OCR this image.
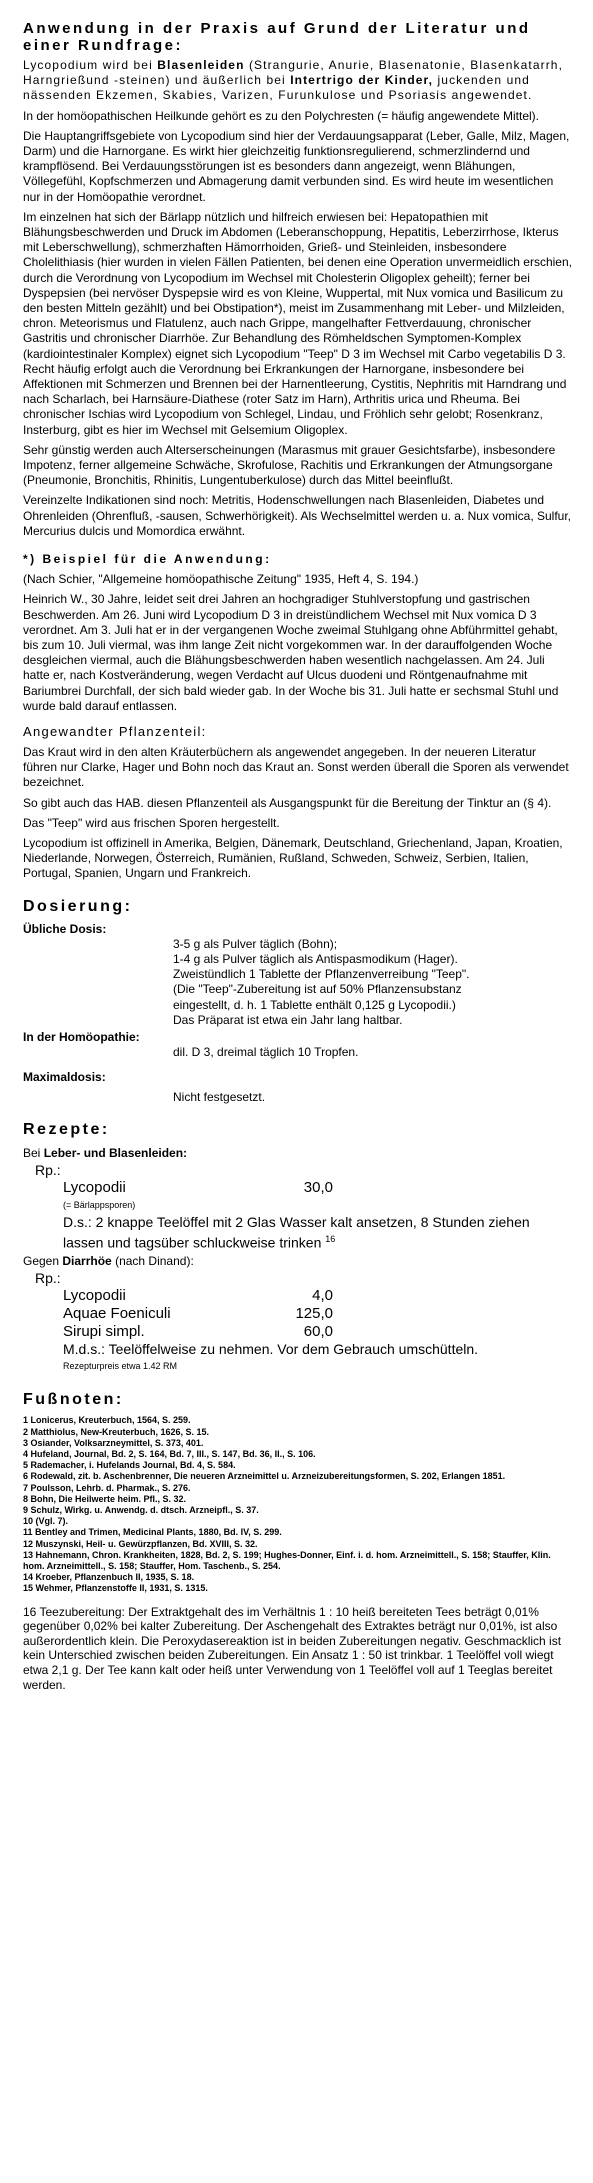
Anwendung in der Praxis auf Grund der Literatur und einer Rundfrage:

Lycopodium wird bei Blasenleiden (Strangurie, Anurie, Blasenatonie, Blasenkatarrh, Harngrießund -steinen) und äußerlich bei Intertrigo der Kinder, juckenden und nässenden Ekzemen, Skabies, Varizen, Furunkulose und Psoriasis angewendet.

In der homöopathischen Heilkunde gehört es zu den Polychresten (= häufig angewendete Mittel).

Die Hauptangriffsgebiete von Lycopodium sind hier der Verdauungsapparat (Leber, Galle, Milz, Magen, Darm) und die Harnorgane. Es wirkt hier gleichzeitig funktionsregulierend, schmerzlindernd und krampflösend. Bei Verdauungsstörungen ist es besonders dann angezeigt, wenn Blähungen, Völlegefühl, Kopfschmerzen und Abmagerung damit verbunden sind. Es wird heute im wesentlichen nur in der Homöopathie verordnet.

Im einzelnen hat sich der Bärlapp nützlich und hilfreich erwiesen bei: Hepatopathien mit Blähungsbeschwerden und Druck im Abdomen (Leberanschoppung, Hepatitis, Leberzirrhose, Ikterus mit Leberschwellung), schmerzhaften Hämorrhoiden, Grieß- und Steinleiden, insbesondere Cholelithiasis (hier wurden in vielen Fällen Patienten, bei denen eine Operation unvermeidlich erschien, durch die Verordnung von Lycopodium im Wechsel mit Cholesterin Oligoplex geheilt); ferner bei Dyspepsien (bei nervöser Dyspepsie wird es von Kleine, Wuppertal, mit Nux vomica und Basilicum zu den besten Mitteln gezählt) und bei Obstipation*), meist im Zusammenhang mit Leber- und Milzleiden, chron. Meteorismus und Flatulenz, auch nach Grippe, mangelhafter Fettverdauung, chronischer Gastritis und chronischer Diarrhöe. Zur Behandlung des Römheldschen Symptomen-Komplex (kardiointestinaler Komplex) eignet sich Lycopodium "Teep" D 3 im Wechsel mit Carbo vegetabilis D 3. Recht häufig erfolgt auch die Verordnung bei Erkrankungen der Harnorgane, insbesondere bei Affektionen mit Schmerzen und Brennen bei der Harnentleerung, Cystitis, Nephritis mit Harndrang und nach Scharlach, bei Harnsäure-Diathese (roter Satz im Harn), Arthritis urica und Rheuma. Bei chronischer Ischias wird Lycopodium von Schlegel, Lindau, und Fröhlich sehr gelobt; Rosenkranz, Insterburg, gibt es hier im Wechsel mit Gelsemium Oligoplex.

Sehr günstig werden auch Alterserscheinungen (Marasmus mit grauer Gesichtsfarbe), insbesondere Impotenz, ferner allgemeine Schwäche, Skrofulose, Rachitis und Erkrankungen der Atmungsorgane (Pneumonie, Bronchitis, Rhinitis, Lungentuberkulose) durch das Mittel beeinflußt.

Vereinzelte Indikationen sind noch: Metritis, Hodenschwellungen nach Blasenleiden, Diabetes und Ohrenleiden (Ohrenfluß, -sausen, Schwerhörigkeit). Als Wechselmittel werden u. a. Nux vomica, Sulfur, Mercurius dulcis und Momordica erwähnt.

*) Beispiel für die Anwendung:

(Nach Schier, "Allgemeine homöopathische Zeitung" 1935, Heft 4, S. 194.)

Heinrich W., 30 Jahre, leidet seit drei Jahren an hochgradiger Stuhlverstopfung und gastrischen Beschwerden. Am 26. Juni wird Lycopodium D 3 in dreistündlichem Wechsel mit Nux vomica D 3 verordnet. Am 3. Juli hat er in der vergangenen Woche zweimal Stuhlgang ohne Abführmittel gehabt, bis zum 10. Juli viermal, was ihm lange Zeit nicht vorgekommen war. In der darauffolgenden Woche desgleichen viermal, auch die Blähungsbeschwerden haben wesentlich nachgelassen. Am 24. Juli hatte er, nach Kostveränderung, wegen Verdacht auf Ulcus duodeni und Röntgenaufnahme mit Bariumbrei Durchfall, der sich bald wieder gab. In der Woche bis 31. Juli hatte er sechsmal Stuhl und wurde bald darauf entlassen.

Angewandter Pflanzenteil:

Das Kraut wird in den alten Kräuterbüchern als angewendet angegeben. In der neueren Literatur führen nur Clarke, Hager und Bohn noch das Kraut an. Sonst werden überall die Sporen als verwendet bezeichnet.

So gibt auch das HAB. diesen Pflanzenteil als Ausgangspunkt für die Bereitung der Tinktur an (§ 4).

Das "Teep" wird aus frischen Sporen hergestellt.

Lycopodium ist offizinell in Amerika, Belgien, Dänemark, Deutschland, Griechenland, Japan, Kroatien, Niederlande, Norwegen, Österreich, Rumänien, Rußland, Schweden, Schweiz, Serbien, Italien, Portugal, Spanien, Ungarn und Frankreich.

Dosierung:
Übliche Dosis:
3-5 g als Pulver täglich (Bohn);
1-4 g als Pulver täglich als Antispasmodikum (Hager).
Zweistündlich 1 Tablette der Pflanzenverreibung "Teep".
(Die "Teep"-Zubereitung ist auf 50% Pflanzensubstanz
eingestellt, d. h. 1 Tablette enthält 0,125 g Lycopodii.)
Das Präparat ist etwa ein Jahr lang haltbar.
In der Homöopathie:
dil. D 3, dreimal täglich 10 Tropfen.
Maximaldosis:
Nicht festgesetzt.
Rezepte:
Bei Leber- und Blasenleiden:
Rp.:
Lycopodii	30,0
(= Bärlappsporen)
D.s.: 2 knappe Teelöffel mit 2 Glas Wasser kalt ansetzen, 8 Stunden ziehen lassen und tagsüber schluckweise trinken $^{16}$
Gegen Diarrhöe (nach Dinand):
Rp.:
Lycopodii	4,0
Aquae Foeniculi	125,0
Sirupi simpl.	60,0
M.d.s.: Teelöffelweise zu nehmen. Vor dem Gebrauch umschütteln.
Rezepturpreis etwa 1.42 RM
Fußnoten:

1 Lonicerus, Kreuterbuch, 1564, S. 259.

2 Matthiolus, New-Kreuterbuch, 1626, S. 15.

3 Osiander, Volksarzneymittel, S. 373, 401.

4 Hufeland, Journal, Bd. 2, S. 164, Bd. 7, III., S. 147, Bd. 36, II., S. 106.

5 Rademacher, i. Hufelands Journal, Bd. 4, S. 584.

6 Rodewald, zit. b. Aschenbrenner, Die neueren Arzneimittel u. Arzneizubereitungsformen, S. 202, Erlangen 1851.

7 Poulsson, Lehrb. d. Pharmak., S. 276.

8 Bohn, Die Heilwerte heim. Pfl., S. 32.

9 Schulz, Wirkg. u. Anwendg. d. dtsch. Arzneipfl., S. 37.

10 (Vgl. 7).

11 Bentley and Trimen, Medicinal Plants, 1880, Bd. IV, S. 299.

12 Muszynski, Heil- u. Gewürzpflanzen, Bd. XVIII, S. 32.

13 Hahnemann, Chron. Krankheiten, 1828, Bd. 2, S. 199; Hughes-Donner, Einf. i. d. hom. Arzneimittell., S. 158; Stauffer, Klin. hom. Arzneimittell., S. 158; Stauffer, Hom. Taschenb., S. 254.

14 Kroeber, Pflanzenbuch II, 1935, S. 18.

15 Wehmer, Pflanzenstoffe II, 1931, S. 1315.

16 Teezubereitung: Der Extraktgehalt des im Verhältnis 1 : 10 heiß bereiteten Tees beträgt 0,01% gegenüber 0,02% bei kalter Zubereitung. Der Aschengehalt des Extraktes beträgt nur 0,01%, ist also außerordentlich klein. Die Peroxydasereaktion ist in beiden Zubereitungen negativ. Geschmacklich ist kein Unterschied zwischen beiden Zubereitungen. Ein Ansatz 1 : 50 ist trinkbar. 1 Teelöffel voll wiegt etwa 2,1 g. Der Tee kann kalt oder heiß unter Verwendung von 1 Teelöffel voll auf 1 Teeglas bereitet werden.
